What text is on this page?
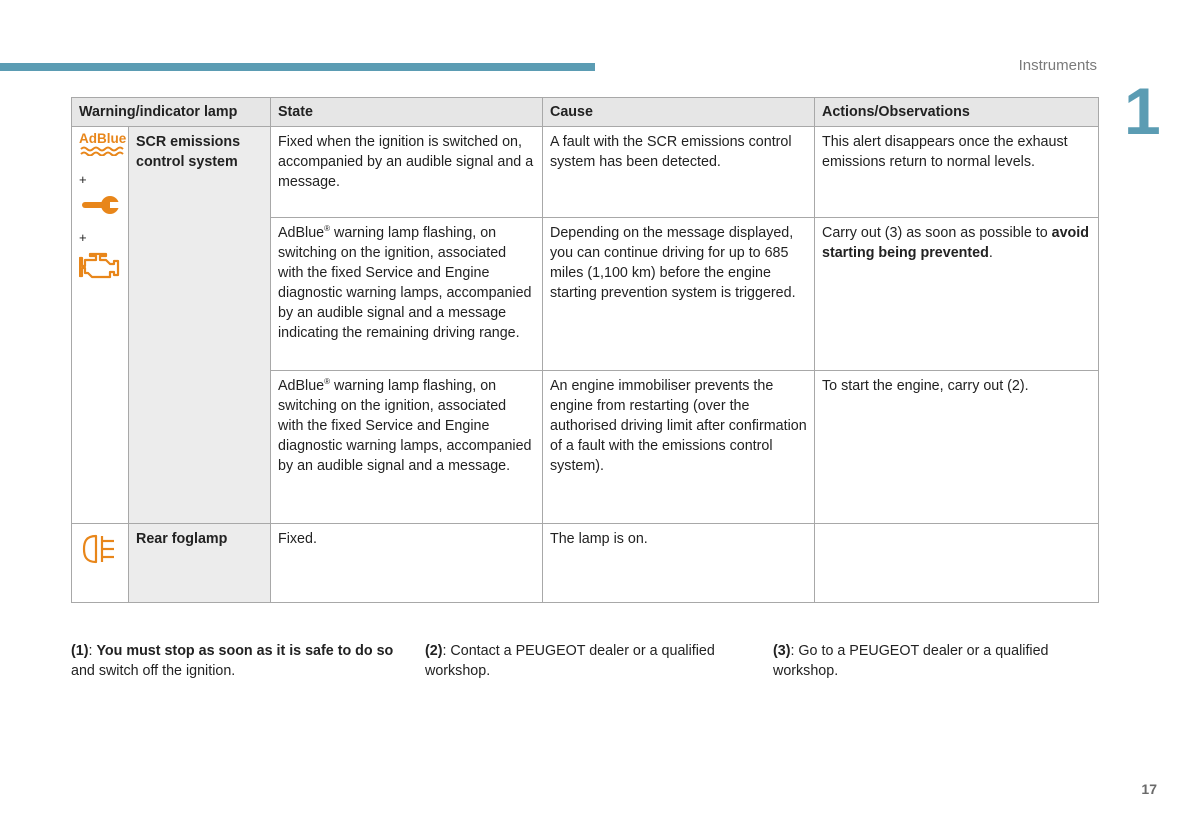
Instruments
1
Warning/indicator lamp		State	Cause	Actions/Observations

AdBlue
+
+	SCR emissions control system	Fixed when the ignition is switched on, accompanied by an audible signal and a message.	A fault with the SCR emissions control system has been detected.	This alert disappears once the exhaust emissions return to normal levels.
		AdBlue® warning lamp flashing, on switching on the ignition, associated with the fixed Service and Engine diagnostic warning lamps, accompanied by an audible signal and a message indicating the remaining driving range.	Depending on the message displayed, you can continue driving for up to 685 miles (1,100 km) before the engine starting prevention system is triggered.	Carry out (3) as soon as possible to avoid starting being prevented.
		AdBlue® warning lamp flashing, on switching on the ignition, associated with the fixed Service and Engine diagnostic warning lamps, accompanied by an audible signal and a message.	An engine immobiliser prevents the engine from restarting (over the authorised driving limit after confirmation of a fault with the emissions control system).	To start the engine, carry out (2).

	Rear foglamp	Fixed.	The lamp is on.	
(1): You must stop as soon as it is safe to do so and switch off the ignition.
(2): Contact a PEUGEOT dealer or a qualified workshop.
(3): Go to a PEUGEOT dealer or a qualified workshop.
17
